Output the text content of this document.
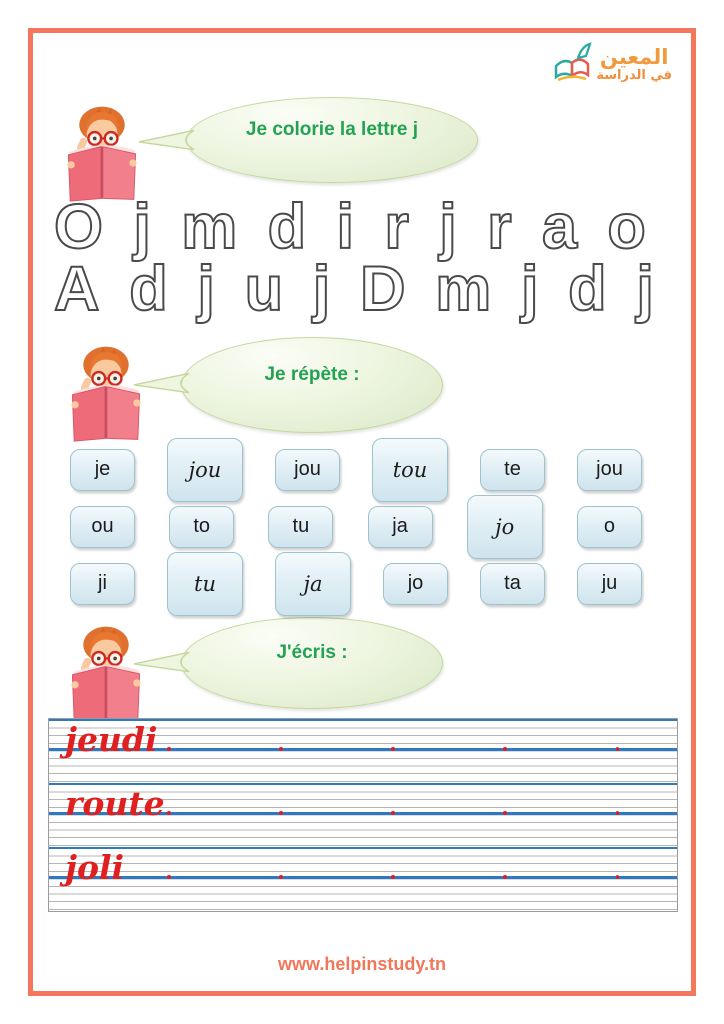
المعين
في الدراسة
Je colorie la lettre j
O j m d i r j r a o
A d j u j D m j d j
Je répète :
je	jou	jou	tou	te	jou
ou	to	tu	ja	jo	o
ji	tu	ja	jo	ta	ju
J'écris :
jeudi
route
joli
www.helpinstudy.tn
